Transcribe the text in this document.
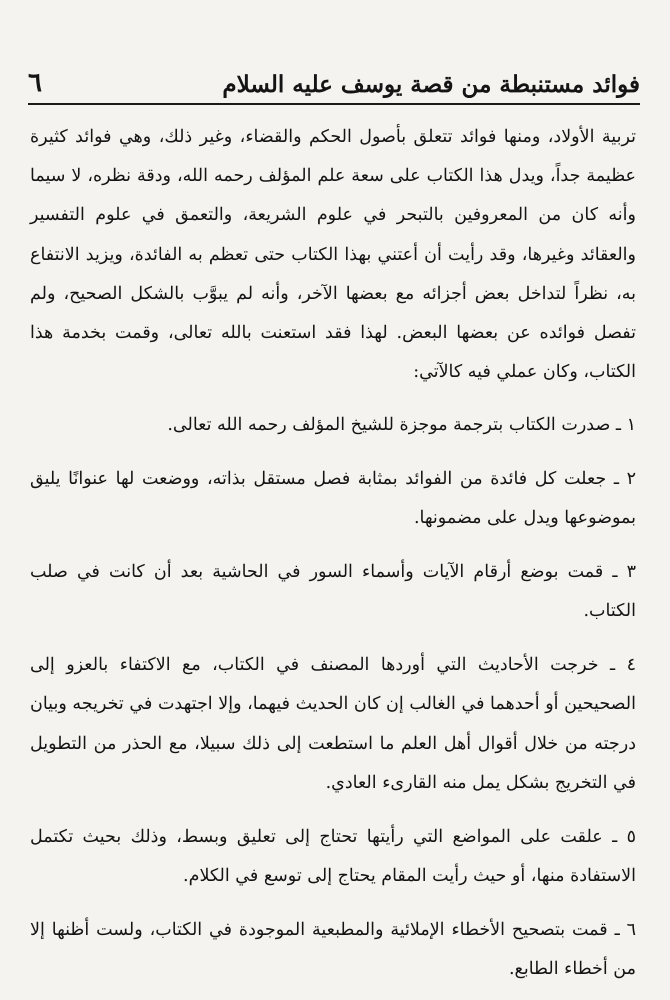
فوائد مستنبطة من قصة يوسف عليه السلام
٦

تربية الأولاد، ومنها فوائد تتعلق بأصول الحكم والقضاء، وغير ذلك، وهي فوائد كثيرة عظيمة جداً، ويدل هذا الكتاب على سعة علم المؤلف رحمه الله، ودقة نظره، لا سيما وأنه كان من المعروفين بالتبحر في علوم الشريعة، والتعمق في علوم التفسير والعقائد وغيرها، وقد رأيت أن أعتني بهذا الكتاب حتى تعظم به الفائدة، ويزيد الانتفاع به، نظراً لتداخل بعض أجزائه مع بعضها الآخر، وأنه لم يبوَّب بالشكل الصحيح، ولم تفصل فوائده عن بعضها البعض. لهذا فقد استعنت بالله تعالى، وقمت بخدمة هذا الكتاب، وكان عملي فيه كالآتي:

١ ـ صدرت الكتاب بترجمة موجزة للشيخ المؤلف رحمه الله تعالى.

٢ ـ جعلت كل فائدة من الفوائد بمثابة فصل مستقل بذاته، ووضعت لها عنوانًا يليق بموضوعها ويدل على مضمونها.

٣ ـ قمت بوضع أرقام الآيات وأسماء السور في الحاشية بعد أن كانت في صلب الكتاب.

٤ ـ خرجت الأحاديث التي أوردها المصنف في الكتاب، مع الاكتفاء بالعزو إلى الصحيحين أو أحدهما في الغالب إن كان الحديث فيهما، وإلا اجتهدت في تخريجه وبيان درجته من خلال أقوال أهل العلم ما استطعت إلى ذلك سبيلا، مع الحذر من التطويل في التخريج بشكل يمل منه القارىء العادي.

٥ ـ علقت على المواضع التي رأيتها تحتاج إلى تعليق وبسط، وذلك بحيث تكتمل الاستفادة منها، أو حيث رأيت المقام يحتاج إلى توسع في الكلام.

٦ ـ قمت بتصحيح الأخطاء الإملائية والمطبعية الموجودة في الكتاب، ولست أظنها إلا من أخطاء الطابع.
